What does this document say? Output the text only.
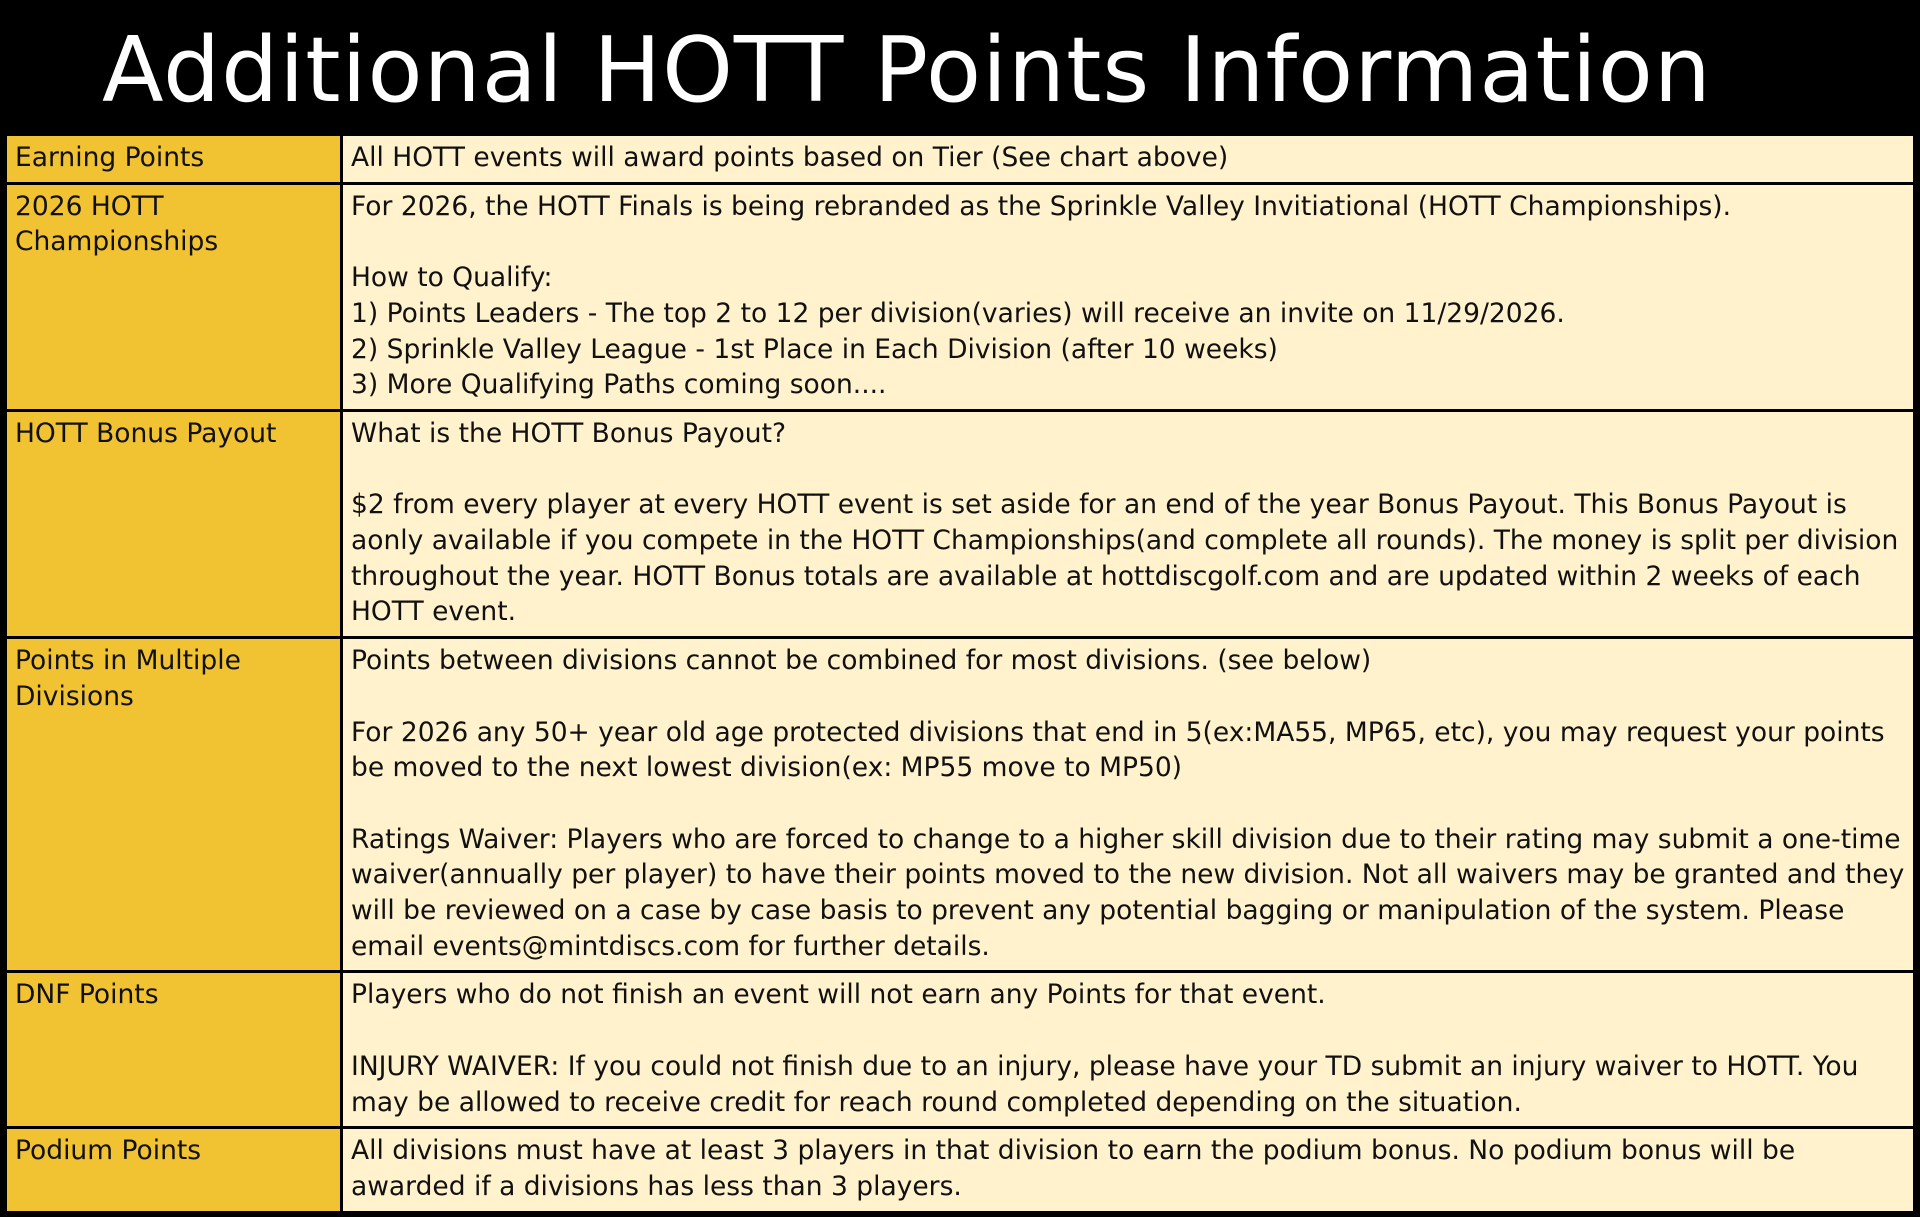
Additional HOTT Points Information
Earning Points	All HOTT events will award points based on Tier (See chart above)

2026 HOTT Championships	For 2026, the HOTT Finals is being rebranded as the Sprinkle Valley Invitiational (HOTT Championships).
How to Qualify:
1) Points Leaders - The top 2 to 12 per division(varies) will receive an invite on 11/29/2026.
2) Sprinkle Valley League - 1st Place in Each Division (after 10 weeks)
3) More Qualifying Paths coming soon....

HOTT Bonus Payout	What is the HOTT Bonus Payout?
$2 from every player at every HOTT event is set aside for an end of the year Bonus Payout. This Bonus Payout is aonly available if you compete in the HOTT Championships(and complete all rounds). The money is split per division throughout the year. HOTT Bonus totals are available at hottdiscgolf.com and are updated within 2 weeks of each HOTT event.

Points in Multiple Divisions	Points between divisions cannot be combined for most divisions. (see below)
For 2026 any 50+ year old age protected divisions that end in 5(ex:MA55, MP65, etc), you may request your points be moved to the next lowest division(ex: MP55 move to MP50)
Ratings Waiver: Players who are forced to change to a higher skill division due to their rating may submit a one-time waiver(annually per player) to have their points moved to the new division. Not all waivers may be granted and they will be reviewed on a case by case basis to prevent any potential bagging or manipulation of the system. Please email events@mintdiscs.com for further details.

DNF Points	Players who do not finish an event will not earn any Points for that event.
INJURY WAIVER: If you could not finish due to an injury, please have your TD submit an injury waiver to HOTT. You may be allowed to receive credit for reach round completed depending on the situation.

Podium Points	All divisions must have at least 3 players in that division to earn the podium bonus. No podium bonus will be awarded if a divisions has less than 3 players.
